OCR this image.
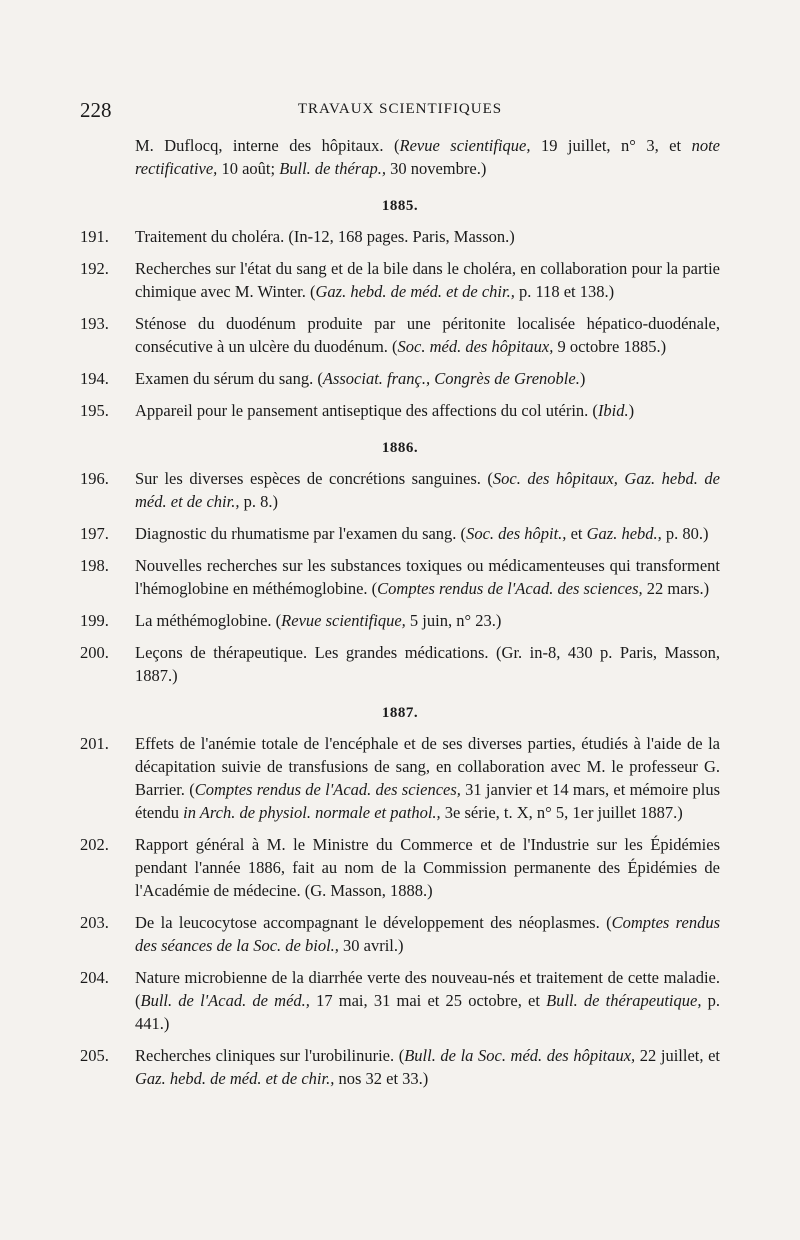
228	TRAVAUX SCIENTIFIQUES
M. Duflocq, interne des hôpitaux. (Revue scientifique, 19 juillet, n° 3, et note rectificative, 10 août; Bull. de thérap., 30 novembre.)
1885.
191.	Traitement du choléra. (In-12, 168 pages. Paris, Masson.)
192.	Recherches sur l'état du sang et de la bile dans le choléra, en collaboration pour la partie chimique avec M. Winter. (Gaz. hebd. de méd. et de chir., p. 118 et 138.)
193.	Sténose du duodénum produite par une péritonite localisée hépatico-duodénale, consécutive à un ulcère du duodénum. (Soc. méd. des hôpitaux, 9 octobre 1885.)
194.	Examen du sérum du sang. (Associat. franç., Congrès de Grenoble.)
195.	Appareil pour le pansement antiseptique des affections du col utérin. (Ibid.)
1886.
196.	Sur les diverses espèces de concrétions sanguines. (Soc. des hôpitaux, Gaz. hebd. de méd. et de chir., p. 8.)
197.	Diagnostic du rhumatisme par l'examen du sang. (Soc. des hôpit., et Gaz. hebd., p. 80.)
198.	Nouvelles recherches sur les substances toxiques ou médicamenteuses qui transforment l'hémoglobine en méthémoglobine. (Comptes rendus de l'Acad. des sciences, 22 mars.)
199.	La méthémoglobine. (Revue scientifique, 5 juin, n° 23.)
200.	Leçons de thérapeutique. Les grandes médications. (Gr. in-8, 430 p. Paris, Masson, 1887.)
1887.
201.	Effets de l'anémie totale de l'encéphale et de ses diverses parties, étudiés à l'aide de la décapitation suivie de transfusions de sang, en collaboration avec M. le professeur G. Barrier. (Comptes rendus de l'Acad. des sciences, 31 janvier et 14 mars, et mémoire plus étendu in Arch. de physiol. normale et pathol., 3e série, t. X, n° 5, 1er juillet 1887.)
202.	Rapport général à M. le Ministre du Commerce et de l'Industrie sur les Épidémies pendant l'année 1886, fait au nom de la Commission permanente des Épidémies de l'Académie de médecine. (G. Masson, 1888.)
203.	De la leucocytose accompagnant le développement des néoplasmes. (Comptes rendus des séances de la Soc. de biol., 30 avril.)
204.	Nature microbienne de la diarrhée verte des nouveau-nés et traitement de cette maladie. (Bull. de l'Acad. de méd., 17 mai, 31 mai et 25 octobre, et Bull. de thérapeutique, p. 441.)
205.	Recherches cliniques sur l'urobilinurie. (Bull. de la Soc. méd. des hôpitaux, 22 juillet, et Gaz. hebd. de méd. et de chir., nos 32 et 33.)
